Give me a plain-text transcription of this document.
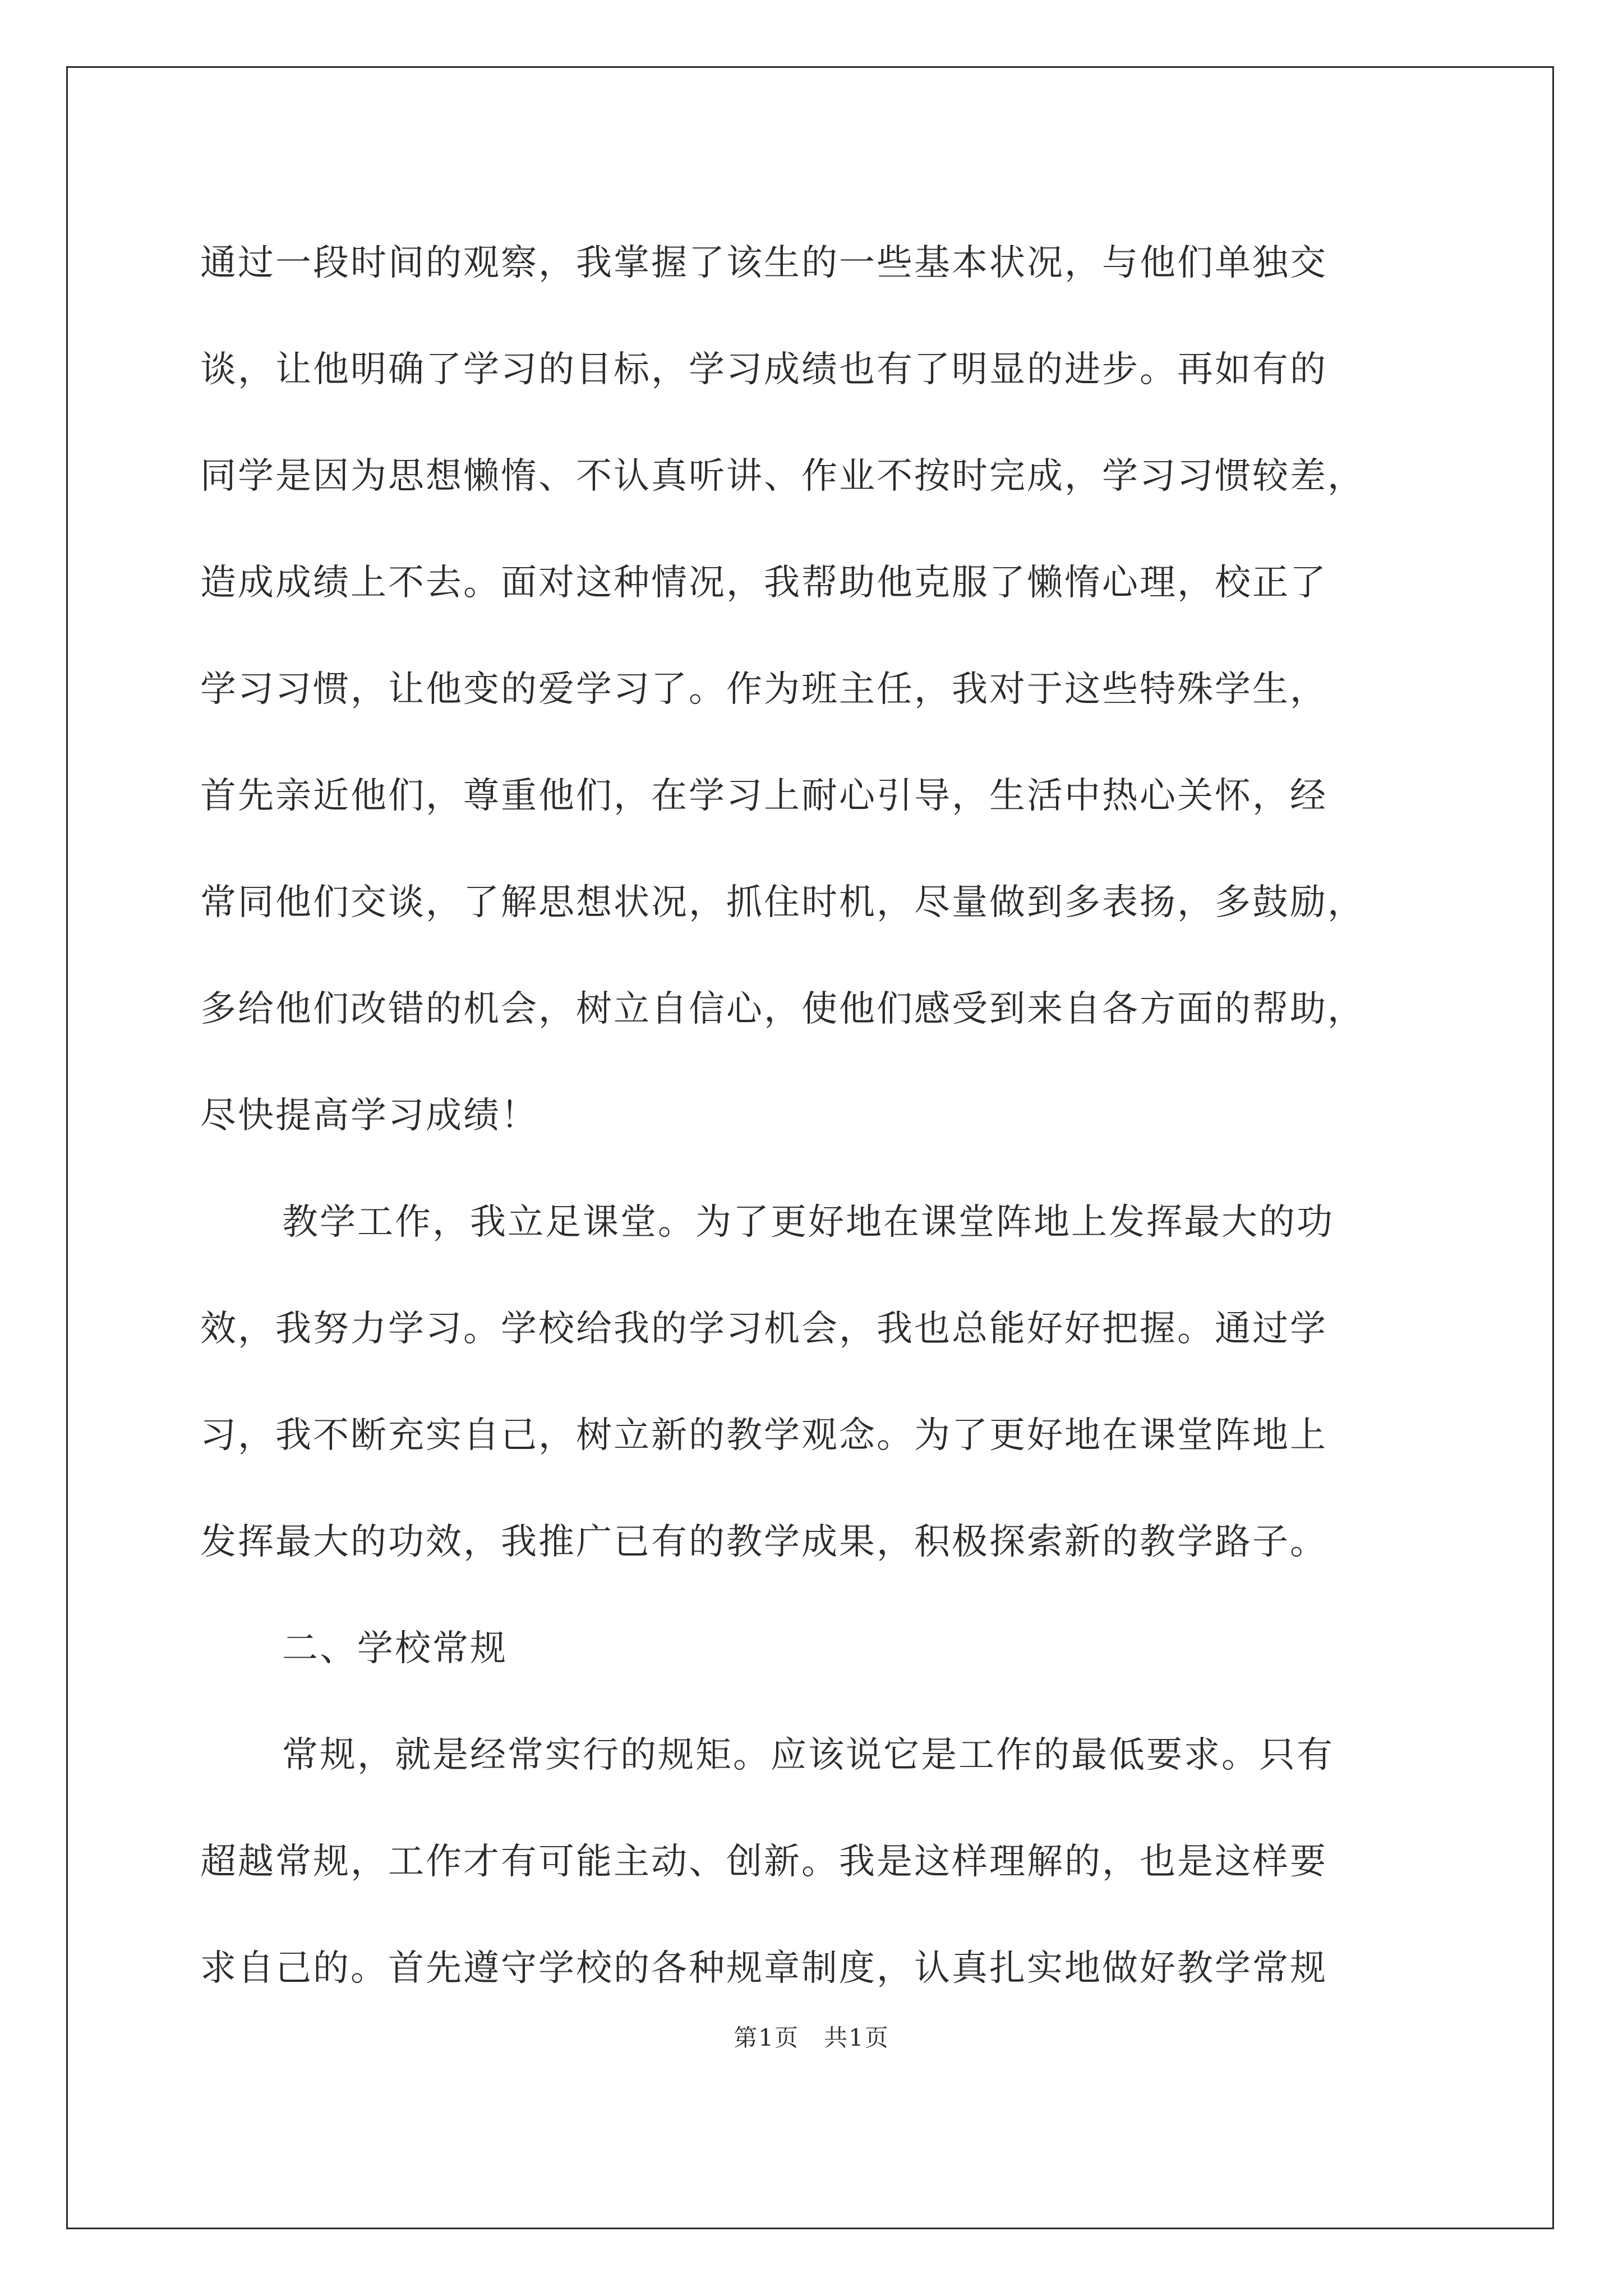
通过一段时间的观察，我掌握了该生的一些基本状况，与他们单独交
谈，让他明确了学习的目标，学习成绩也有了明显的进步。再如有的
同学是因为思想懒惰、不认真听讲、作业不按时完成，学习习惯较差，
造成成绩上不去。面对这种情况，我帮助他克服了懒惰心理，校正了
学习习惯，让他变的爱学习了。作为班主任，我对于这些特殊学生，
首先亲近他们，尊重他们，在学习上耐心引导，生活中热心关怀，经
常同他们交谈，了解思想状况，抓住时机，尽量做到多表扬，多鼓励，
多给他们改错的机会，树立自信心，使他们感受到来自各方面的帮助，
尽快提高学习成绩！
教学工作，我立足课堂。为了更好地在课堂阵地上发挥最大的功
效，我努力学习。学校给我的学习机会，我也总能好好把握。通过学
习，我不断充实自己，树立新的教学观念。为了更好地在课堂阵地上
发挥最大的功效，我推广已有的教学成果，积极探索新的教学路子。
二、学校常规
常规，就是经常实行的规矩。应该说它是工作的最低要求。只有
超越常规，工作才有可能主动、创新。我是这样理解的，也是这样要
求自己的。首先遵守学校的各种规章制度，认真扎实地做好教学常规
第1页　共1页
